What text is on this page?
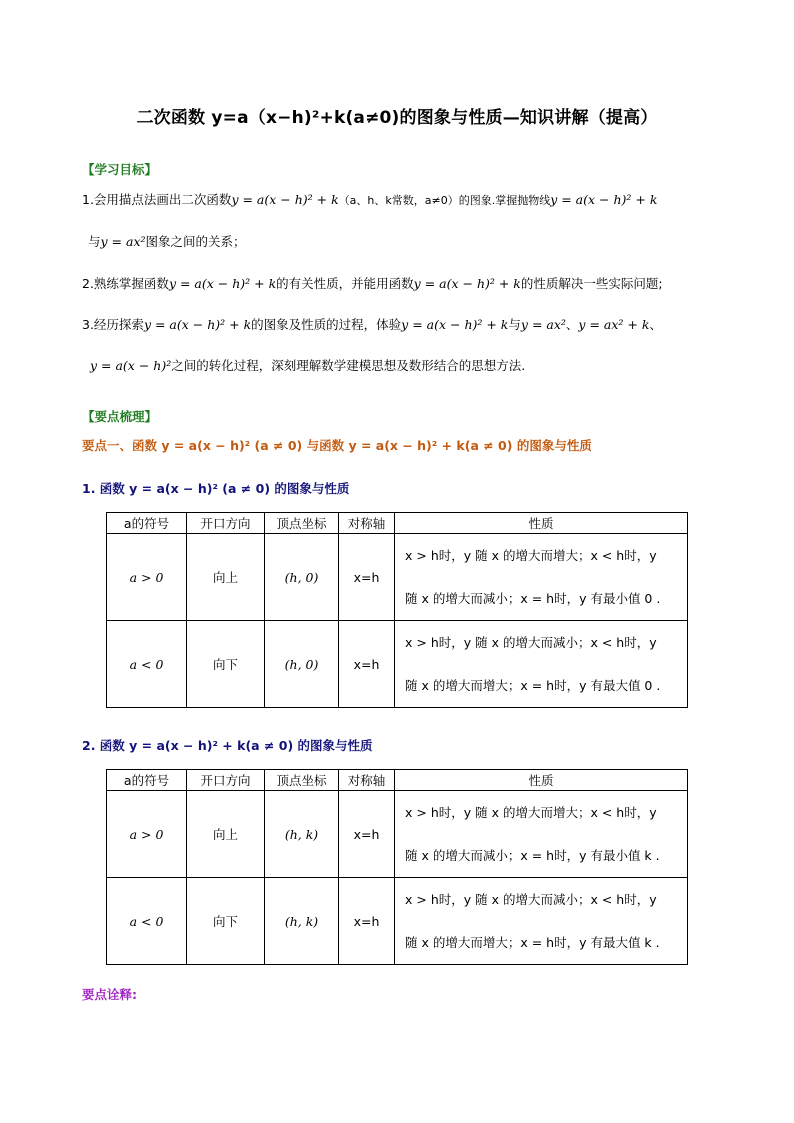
二次函数 y=a（x−h)²+k(a≠0)的图象与性质—知识讲解（提高）
【学习目标】
1.会用描点法画出二次函数y = a(x − h)² + k（a、h、k常数，a≠0）的图象.掌握抛物线y = a(x − h)² + k
与y = ax²图象之间的关系；
2.熟练掌握函数y = a(x − h)² + k的有关性质，并能用函数y = a(x − h)² + k的性质解决一些实际问题;
3.经历探索y = a(x − h)² + k的图象及性质的过程，体验y = a(x − h)² + k与y = ax²、y = ax² + k、
y = a(x − h)²之间的转化过程，深刻理解数学建模思想及数形结合的思想方法.
【要点梳理】
要点一、函数 y = a(x − h)² (a ≠ 0) 与函数 y = a(x − h)² + k(a ≠ 0) 的图象与性质
1. 函数 y = a(x − h)² (a ≠ 0) 的图象与性质
a的符号	开口方向	顶点坐标	对称轴	性质
a > 0	向上	(h, 0)	x=h	x > h时，y 随 x 的增大而增大；x < h时，y
随 x 的增大而减小；x = h时，y 有最小值 0 .

a < 0	向下	(h, 0)	x=h	x > h时，y 随 x 的增大而减小；x < h时，y
随 x 的增大而增大；x = h时，y 有最大值 0 .
2. 函数 y = a(x − h)² + k(a ≠ 0) 的图象与性质
a的符号	开口方向	顶点坐标	对称轴	性质
a > 0	向上	(h, k)	x=h	x > h时，y 随 x 的增大而增大；x < h时，y
随 x 的增大而减小；x = h时，y 有最小值 k .

a < 0	向下	(h, k)	x=h	x > h时，y 随 x 的增大而减小；x < h时，y
随 x 的增大而增大；x = h时，y 有最大值 k .
要点诠释:
